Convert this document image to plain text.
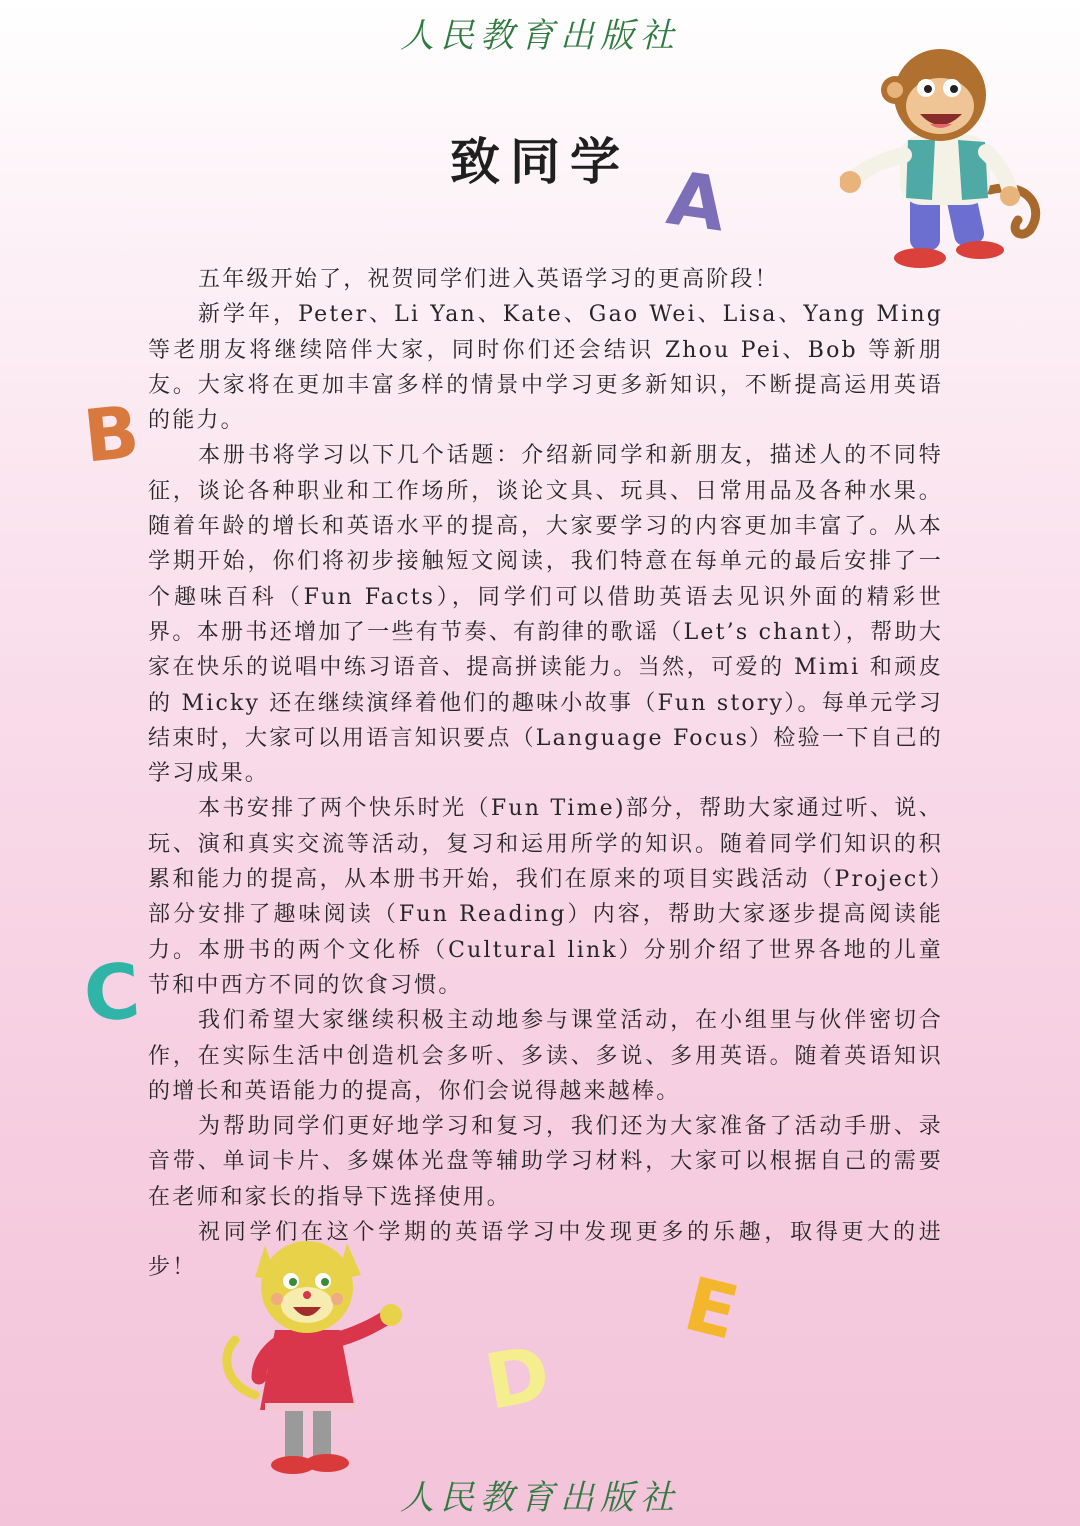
人民教育出版社
致同学 A
B
C
D
E

五年级开始了，祝贺同学们进入英语学习的更高阶段！

新学年，Peter、Li Yan、Kate、Gao Wei、Lisa、Yang Ming 等老朋友将继续陪伴大家，同时你们还会结识 Zhou Pei、Bob 等新朋友。大家将在更加丰富多样的情景中学习更多新知识，不断提高运用英语的能力。

本册书将学习以下几个话题：介绍新同学和新朋友，描述人的不同特征，谈论各种职业和工作场所，谈论文具、玩具、日常用品及各种水果。随着年龄的增长和英语水平的提高，大家要学习的内容更加丰富了。从本学期开始，你们将初步接触短文阅读，我们特意在每单元的最后安排了一个趣味百科（Fun Facts），同学们可以借助英语去见识外面的精彩世界。本册书还增加了一些有节奏、有韵律的歌谣（Let’s chant），帮助大家在快乐的说唱中练习语音、提高拼读能力。当然，可爱的 Mimi 和顽皮的 Micky 还在继续演绎着他们的趣味小故事（Fun story）。每单元学习结束时，大家可以用语言知识要点（Language Focus）检验一下自己的学习成果。

本书安排了两个快乐时光（Fun Time)部分，帮助大家通过听、说、玩、演和真实交流等活动，复习和运用所学的知识。随着同学们知识的积累和能力的提高，从本册书开始，我们在原来的项目实践活动（Project）部分安排了趣味阅读（Fun Reading）内容，帮助大家逐步提高阅读能力。本册书的两个文化桥（Cultural link）分别介绍了世界各地的儿童节和中西方不同的饮食习惯。

我们希望大家继续积极主动地参与课堂活动，在小组里与伙伴密切合作，在实际生活中创造机会多听、多读、多说、多用英语。随着英语知识的增长和英语能力的提高，你们会说得越来越棒。

为帮助同学们更好地学习和复习，我们还为大家准备了活动手册、录音带、单词卡片、多媒体光盘等辅助学习材料，大家可以根据自己的需要在老师和家长的指导下选择使用。

祝同学们在这个学期的英语学习中发现更多的乐趣，取得更大的进步！

人民教育出版社
